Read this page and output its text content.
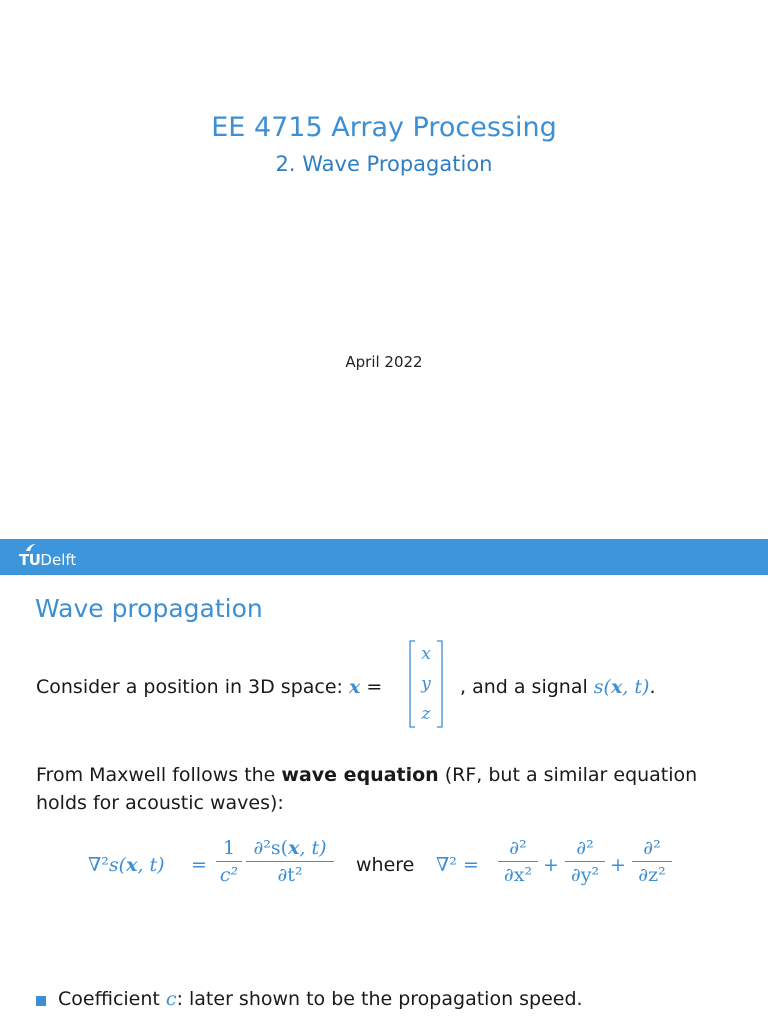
EE 4715 Array Processing
2. Wave Propagation
April 2022
TUDelft
Wave propagation
Consider a position in 3D space: x =
x
y
z
, and a signal s(x, t).
From Maxwell follows the wave equation (RF, but a similar equation holds for acoustic waves):
∇²s(x, t) =
1
c²
∂²s(x, t)
∂t²	where ∇² =
∂²
∂x² +
∂²
∂y² +
∂²
∂z²
Coefficient c: later shown to be the propagation speed.
